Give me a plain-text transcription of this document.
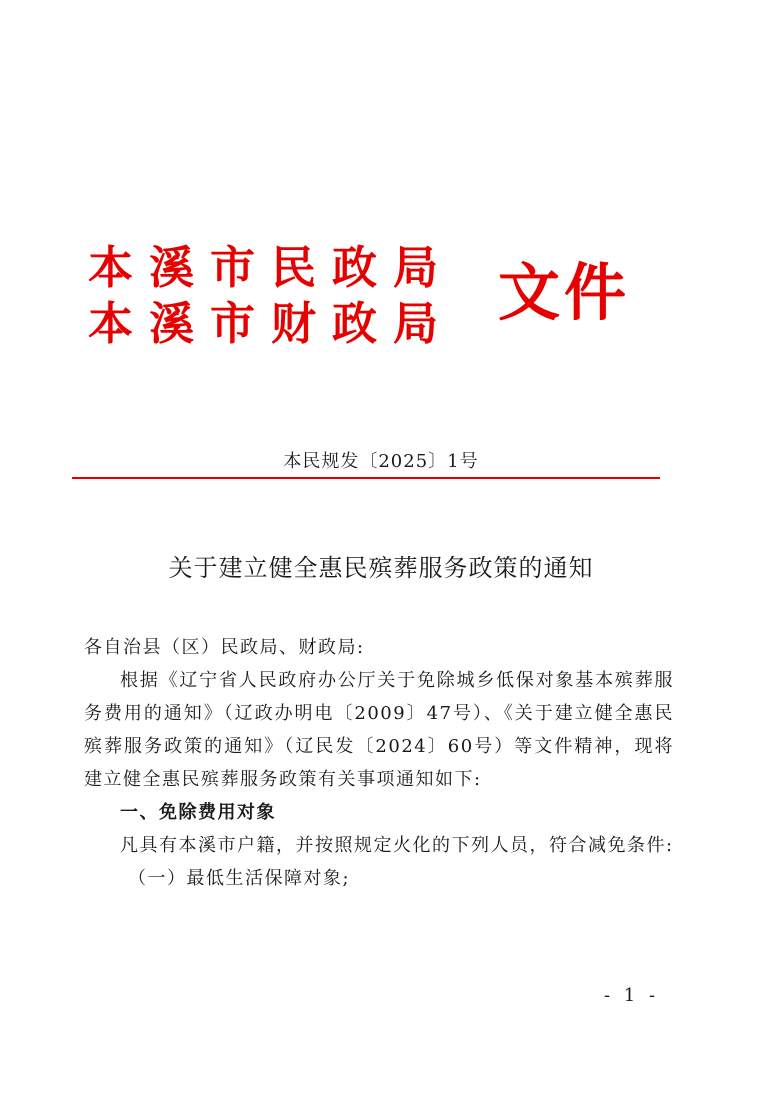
本溪市民政局
本溪市财政局 文件
本民规发〔2025〕1号
关于建立健全惠民殡葬服务政策的通知

各自治县（区）民政局、财政局:

根据《辽宁省人民政府办公厅关于免除城乡低保对象基本殡葬服务费用的通知》（辽政办明电〔2009〕47号）、《关于建立健全惠民殡葬服务政策的通知》（辽民发〔2024〕60号）等文件精神，现将建立健全惠民殡葬服务政策有关事项通知如下:

一、免除费用对象

凡具有本溪市户籍，并按照规定火化的下列人员，符合减免条件:

（一）最低生活保障对象;

- 1 -
